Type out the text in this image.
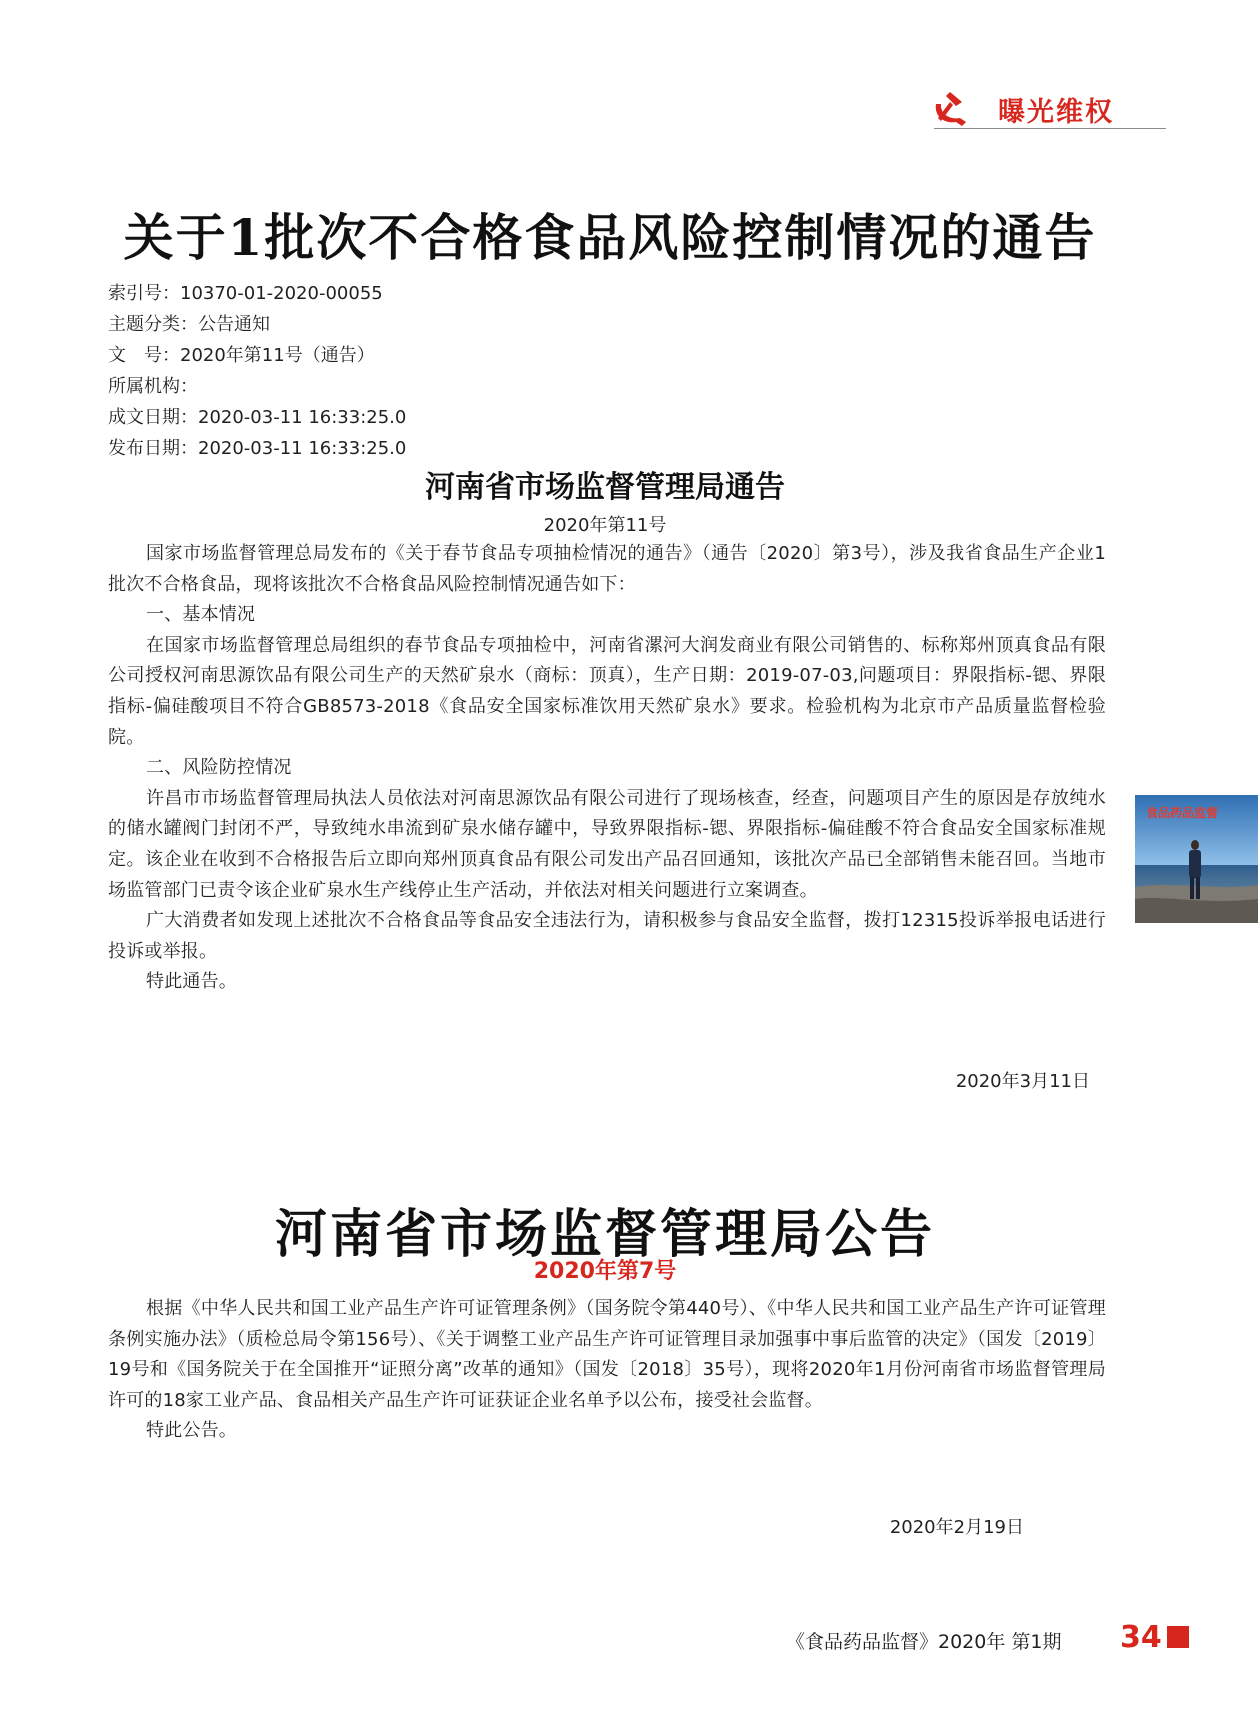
曝光维权
关于1批次不合格食品风险控制情况的通告
索引号：10370-01-2020-00055
主题分类：公告通知
文　号：2020年第11号（通告）
所属机构：
成文日期：2020-03-11 16:33:25.0
发布日期：2020-03-11 16:33:25.0
河南省市场监督管理局通告
2020年第11号

国家市场监督管理总局发布的《关于春节食品专项抽检情况的通告》（通告〔2020〕第3号），涉及我省食品生产企业1批次不合格食品，现将该批次不合格食品风险控制情况通告如下：

一、基本情况

在国家市场监督管理总局组织的春节食品专项抽检中，河南省漯河大润发商业有限公司销售的、标称郑州顶真食品有限公司授权河南思源饮品有限公司生产的天然矿泉水（商标：顶真），生产日期：2019-07-03,问题项目：界限指标-锶、界限指标-偏硅酸项目不符合GB8573-2018《食品安全国家标准饮用天然矿泉水》要求。检验机构为北京市产品质量监督检验院。

二、风险防控情况

许昌市市场监督管理局执法人员依法对河南思源饮品有限公司进行了现场核查，经查，问题项目产生的原因是存放纯水的储水罐阀门封闭不严，导致纯水串流到矿泉水储存罐中，导致界限指标-锶、界限指标-偏硅酸不符合食品安全国家标准规定。该企业在收到不合格报告后立即向郑州顶真食品有限公司发出产品召回通知，该批次产品已全部销售未能召回。当地市场监管部门已责令该企业矿泉水生产线停止生产活动，并依法对相关问题进行立案调查。

广大消费者如发现上述批次不合格食品等食品安全违法行为，请积极参与食品安全监督，拨打12315投诉举报电话进行投诉或举报。

特此通告。

2020年3月11日
食品药品监督
河南省市场监督管理局公告
2020年第7号

根据《中华人民共和国工业产品生产许可证管理条例》（国务院令第440号）、《中华人民共和国工业产品生产许可证管理条例实施办法》（质检总局令第156号）、《关于调整工业产品生产许可证管理目录加强事中事后监管的决定》（国发〔2019〕19号和《国务院关于在全国推开“证照分离”改革的通知》（国发〔2018〕35号），现将2020年1月份河南省市场监督管理局许可的18家工业产品、食品相关产品生产许可证获证企业名单予以公布，接受社会监督。

特此公告。

2020年2月19日
《食品药品监督》2020年 第1期 34
